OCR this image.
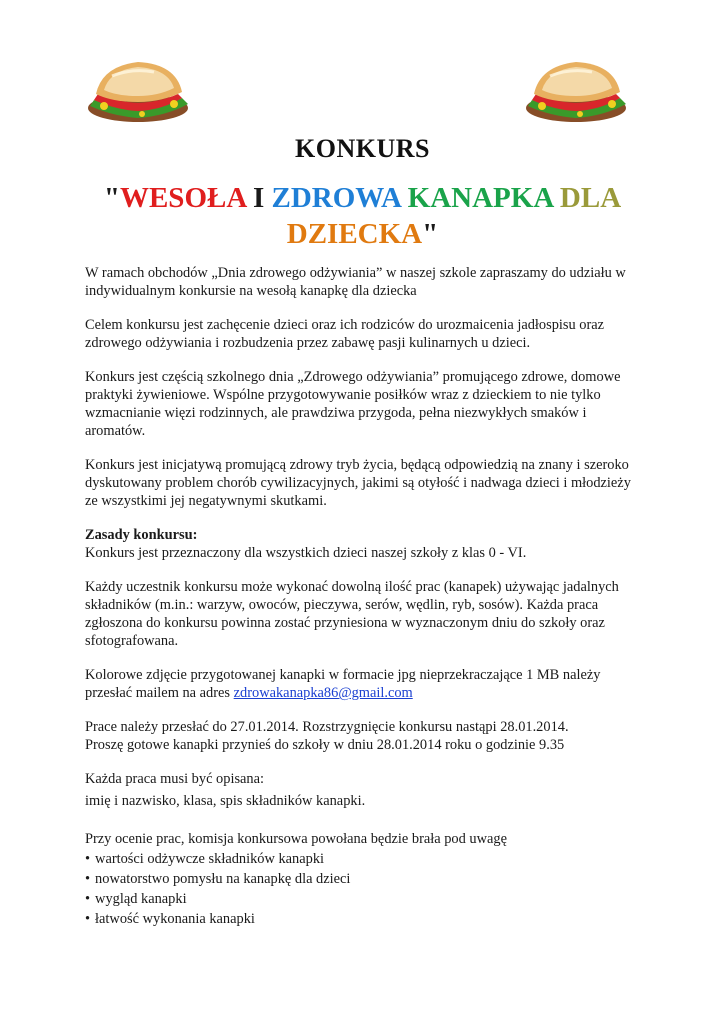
KONKURS
"WESOŁA I ZDROWA KANAPKA DLA
DZIECKA"

W ramach obchodów „Dnia zdrowego odżywiania” w naszej szkole zapraszamy do udziału w indywidualnym konkursie na wesołą kanapkę dla dziecka

Celem konkursu jest zachęcenie dzieci oraz ich rodziców do urozmaicenia jadłospisu oraz zdrowego odżywiania i rozbudzenia przez zabawę pasji kulinarnych u dzieci.

Konkurs jest częścią szkolnego dnia „Zdrowego odżywiania” promującego zdrowe, domowe praktyki żywieniowe. Wspólne przygotowywanie posiłków wraz z dzieckiem to nie tylko wzmacnianie więzi rodzinnych, ale prawdziwa przygoda, pełna niezwykłych smaków i aromatów.

Konkurs jest inicjatywą promującą zdrowy tryb życia, będącą odpowiedzią na znany i szeroko dyskutowany problem chorób cywilizacyjnych, jakimi są otyłość i nadwaga dzieci i młodzieży ze wszystkimi jej negatywnymi skutkami.

Zasady konkursu:

Konkurs jest przeznaczony dla wszystkich dzieci naszej szkoły z klas 0 - VI.

Każdy uczestnik konkursu może wykonać dowolną ilość prac (kanapek) używając jadalnych składników (m.in.: warzyw, owoców, pieczywa, serów, wędlin, ryb, sosów). Każda praca zgłoszona do konkursu powinna zostać przyniesiona w wyznaczonym dniu do szkoły oraz sfotografowana.

Kolorowe zdjęcie przygotowanej kanapki w formacie jpg nieprzekraczające 1 MB należy przesłać mailem na adres zdrowakanapka86@gmail.com

Prace należy przesłać do 27.01.2014. Rozstrzygnięcie konkursu nastąpi 28.01.2014.
Proszę gotowe kanapki przynieś do szkoły w dniu 28.01.2014 roku o godzinie 9.35

Każda praca musi być opisana:
imię i nazwisko, klasa, spis składników kanapki.

Przy ocenie prac, komisja konkursowa powołana będzie brała pod uwagę

• wartości odżywcze składników kanapki
• nowatorstwo pomysłu na kanapkę dla dzieci
• wygląd kanapki
• łatwość wykonania kanapki
